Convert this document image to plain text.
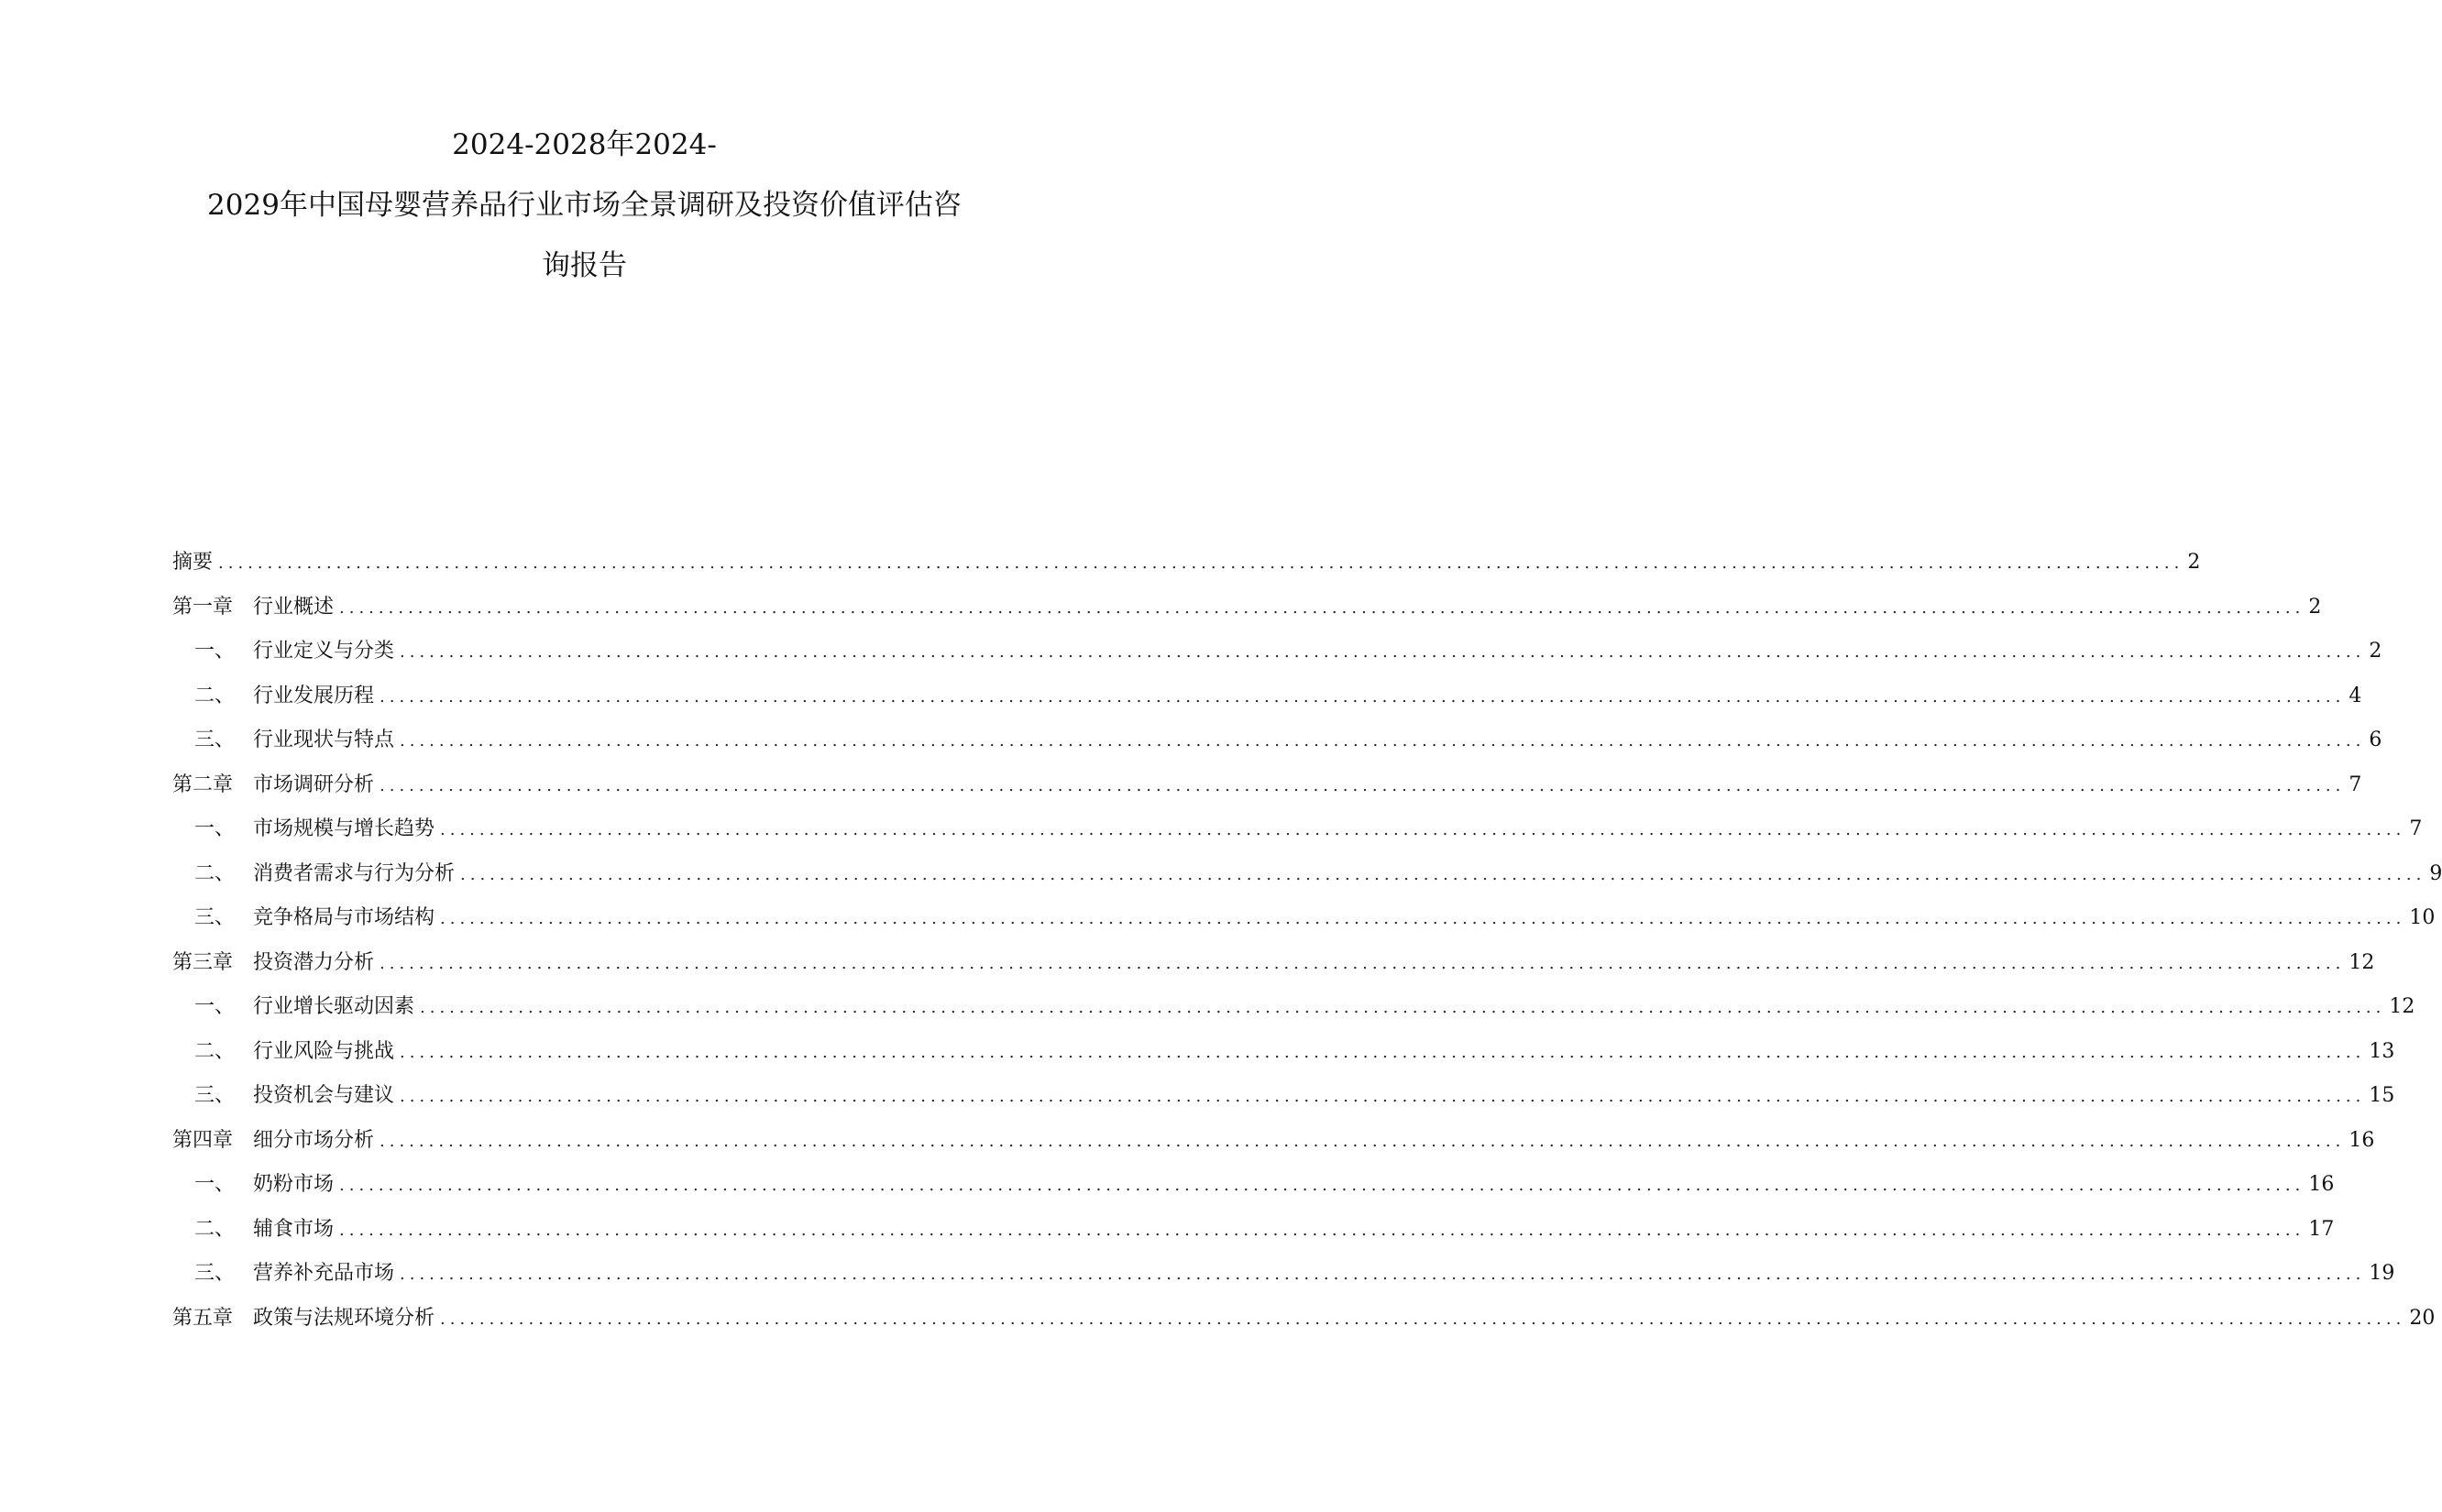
2024-2028年2024-
2029年中国母婴营养品行业市场全景调研及投资价值评估咨
询报告
摘要 ........................................................................................................................................................................................................ 2
第一章 行业概述 ........................................................................................................................................................................................................ 2
一、 行业定义与分类 ........................................................................................................................................................................................................ 2
二、 行业发展历程 ........................................................................................................................................................................................................ 4
三、 行业现状与特点 ........................................................................................................................................................................................................ 6
第二章 市场调研分析 ........................................................................................................................................................................................................ 7
一、 市场规模与增长趋势 ........................................................................................................................................................................................................ 7
二、 消费者需求与行为分析 ........................................................................................................................................................................................................ 9
三、 竞争格局与市场结构 ........................................................................................................................................................................................................ 10
第三章 投资潜力分析 ........................................................................................................................................................................................................ 12
一、 行业增长驱动因素 ........................................................................................................................................................................................................ 12
二、 行业风险与挑战 ........................................................................................................................................................................................................ 13
三、 投资机会与建议 ........................................................................................................................................................................................................ 15
第四章 细分市场分析 ........................................................................................................................................................................................................ 16
一、 奶粉市场 ........................................................................................................................................................................................................ 16
二、 辅食市场 ........................................................................................................................................................................................................ 17
三、 营养补充品市场 ........................................................................................................................................................................................................ 19
第五章 政策与法规环境分析 ........................................................................................................................................................................................................ 20
